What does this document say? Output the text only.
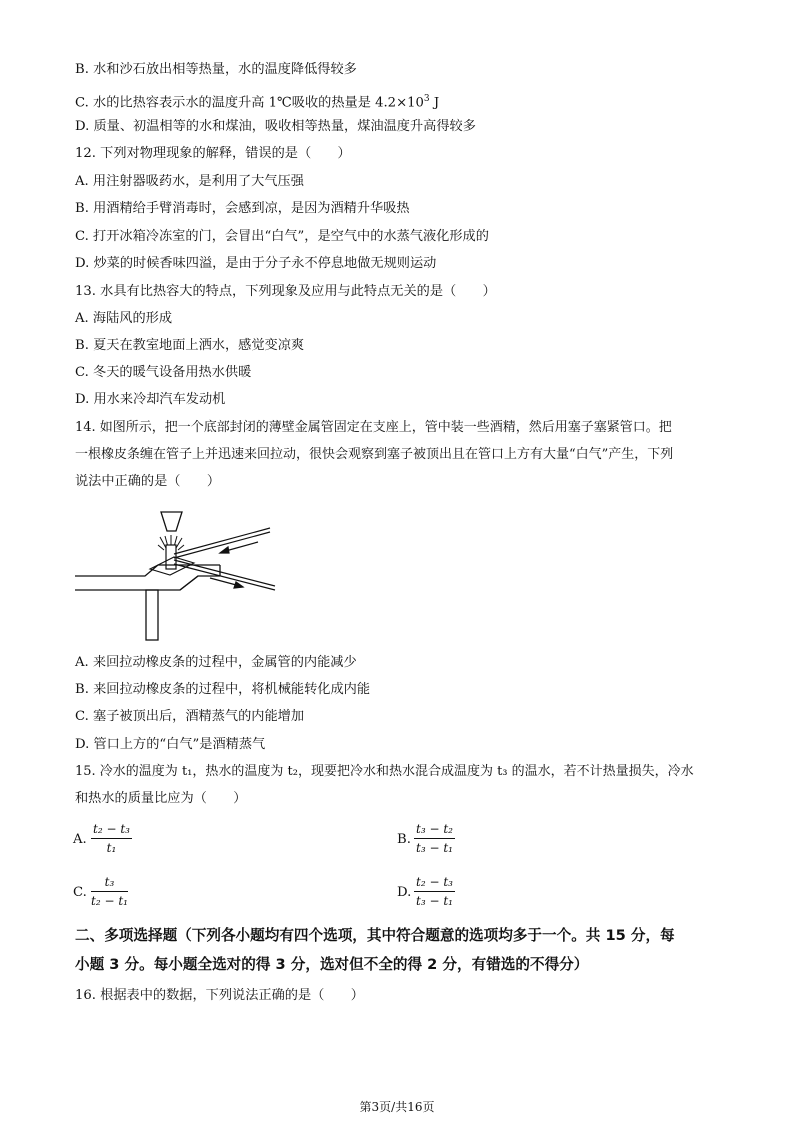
B. 水和沙石放出相等热量，水的温度降低得较多
C. 水的比热容表示水的温度升高 1℃吸收的热量是 $4.2\times 10^3$ J
D. 质量、初温相等的水和煤油，吸收相等热量，煤油温度升高得较多
12. 下列对物理现象的解释，错误的是（　　）
A. 用注射器吸药水，是利用了大气压强
B. 用酒精给手臂消毒时，会感到凉，是因为酒精升华吸热
C. 打开冰箱冷冻室的门，会冒出“白气”，是空气中的水蒸气液化形成的
D. 炒菜的时候香味四溢，是由于分子永不停息地做无规则运动
13. 水具有比热容大的特点，下列现象及应用与此特点无关的是（　　）
A. 海陆风的形成
B. 夏天在教室地面上洒水，感觉变凉爽
C. 冬天的暖气设备用热水供暖
D. 用水来冷却汽车发动机
14. 如图所示，把一个底部封闭的薄壁金属管固定在支座上，管中装一些酒精，然后用塞子塞紧管口。把
一根橡皮条缠在管子上并迅速来回拉动，很快会观察到塞子被顶出且在管口上方有大量“白气”产生，下列
说法中正确的是（　　）
A. 来回拉动橡皮条的过程中，金属管的内能减少
B. 来回拉动橡皮条的过程中，将机械能转化成内能
C. 塞子被顶出后，酒精蒸气的内能增加
D. 管口上方的“白气”是酒精蒸气
15. 冷水的温度为 t₁，热水的温度为 t₂，现要把冷水和热水混合成温度为 t₃ 的温水，若不计热量损失，冷水
和热水的质量比应为（　　）
A. $\frac{\text{t₂ − t₃}}{\text{t₁}}$	B. $\frac{\text{t₃ − t₂}}{\text{t₃ − t₁}}$
C. $\frac{\text{t₃}}{\text{t₂ − t₁}}$	D. $\frac{\text{t₂ − t₃}}{\text{t₃ − t₁}}$
二、多项选择题（下列各小题均有四个选项，其中符合题意的选项均多于一个。共 15 分，每
小题 3 分。每小题全选对的得 3 分，选对但不全的得 2 分，有错选的不得分）
16. 根据表中的数据，下列说法正确的是（　　）
第3页/共16页
